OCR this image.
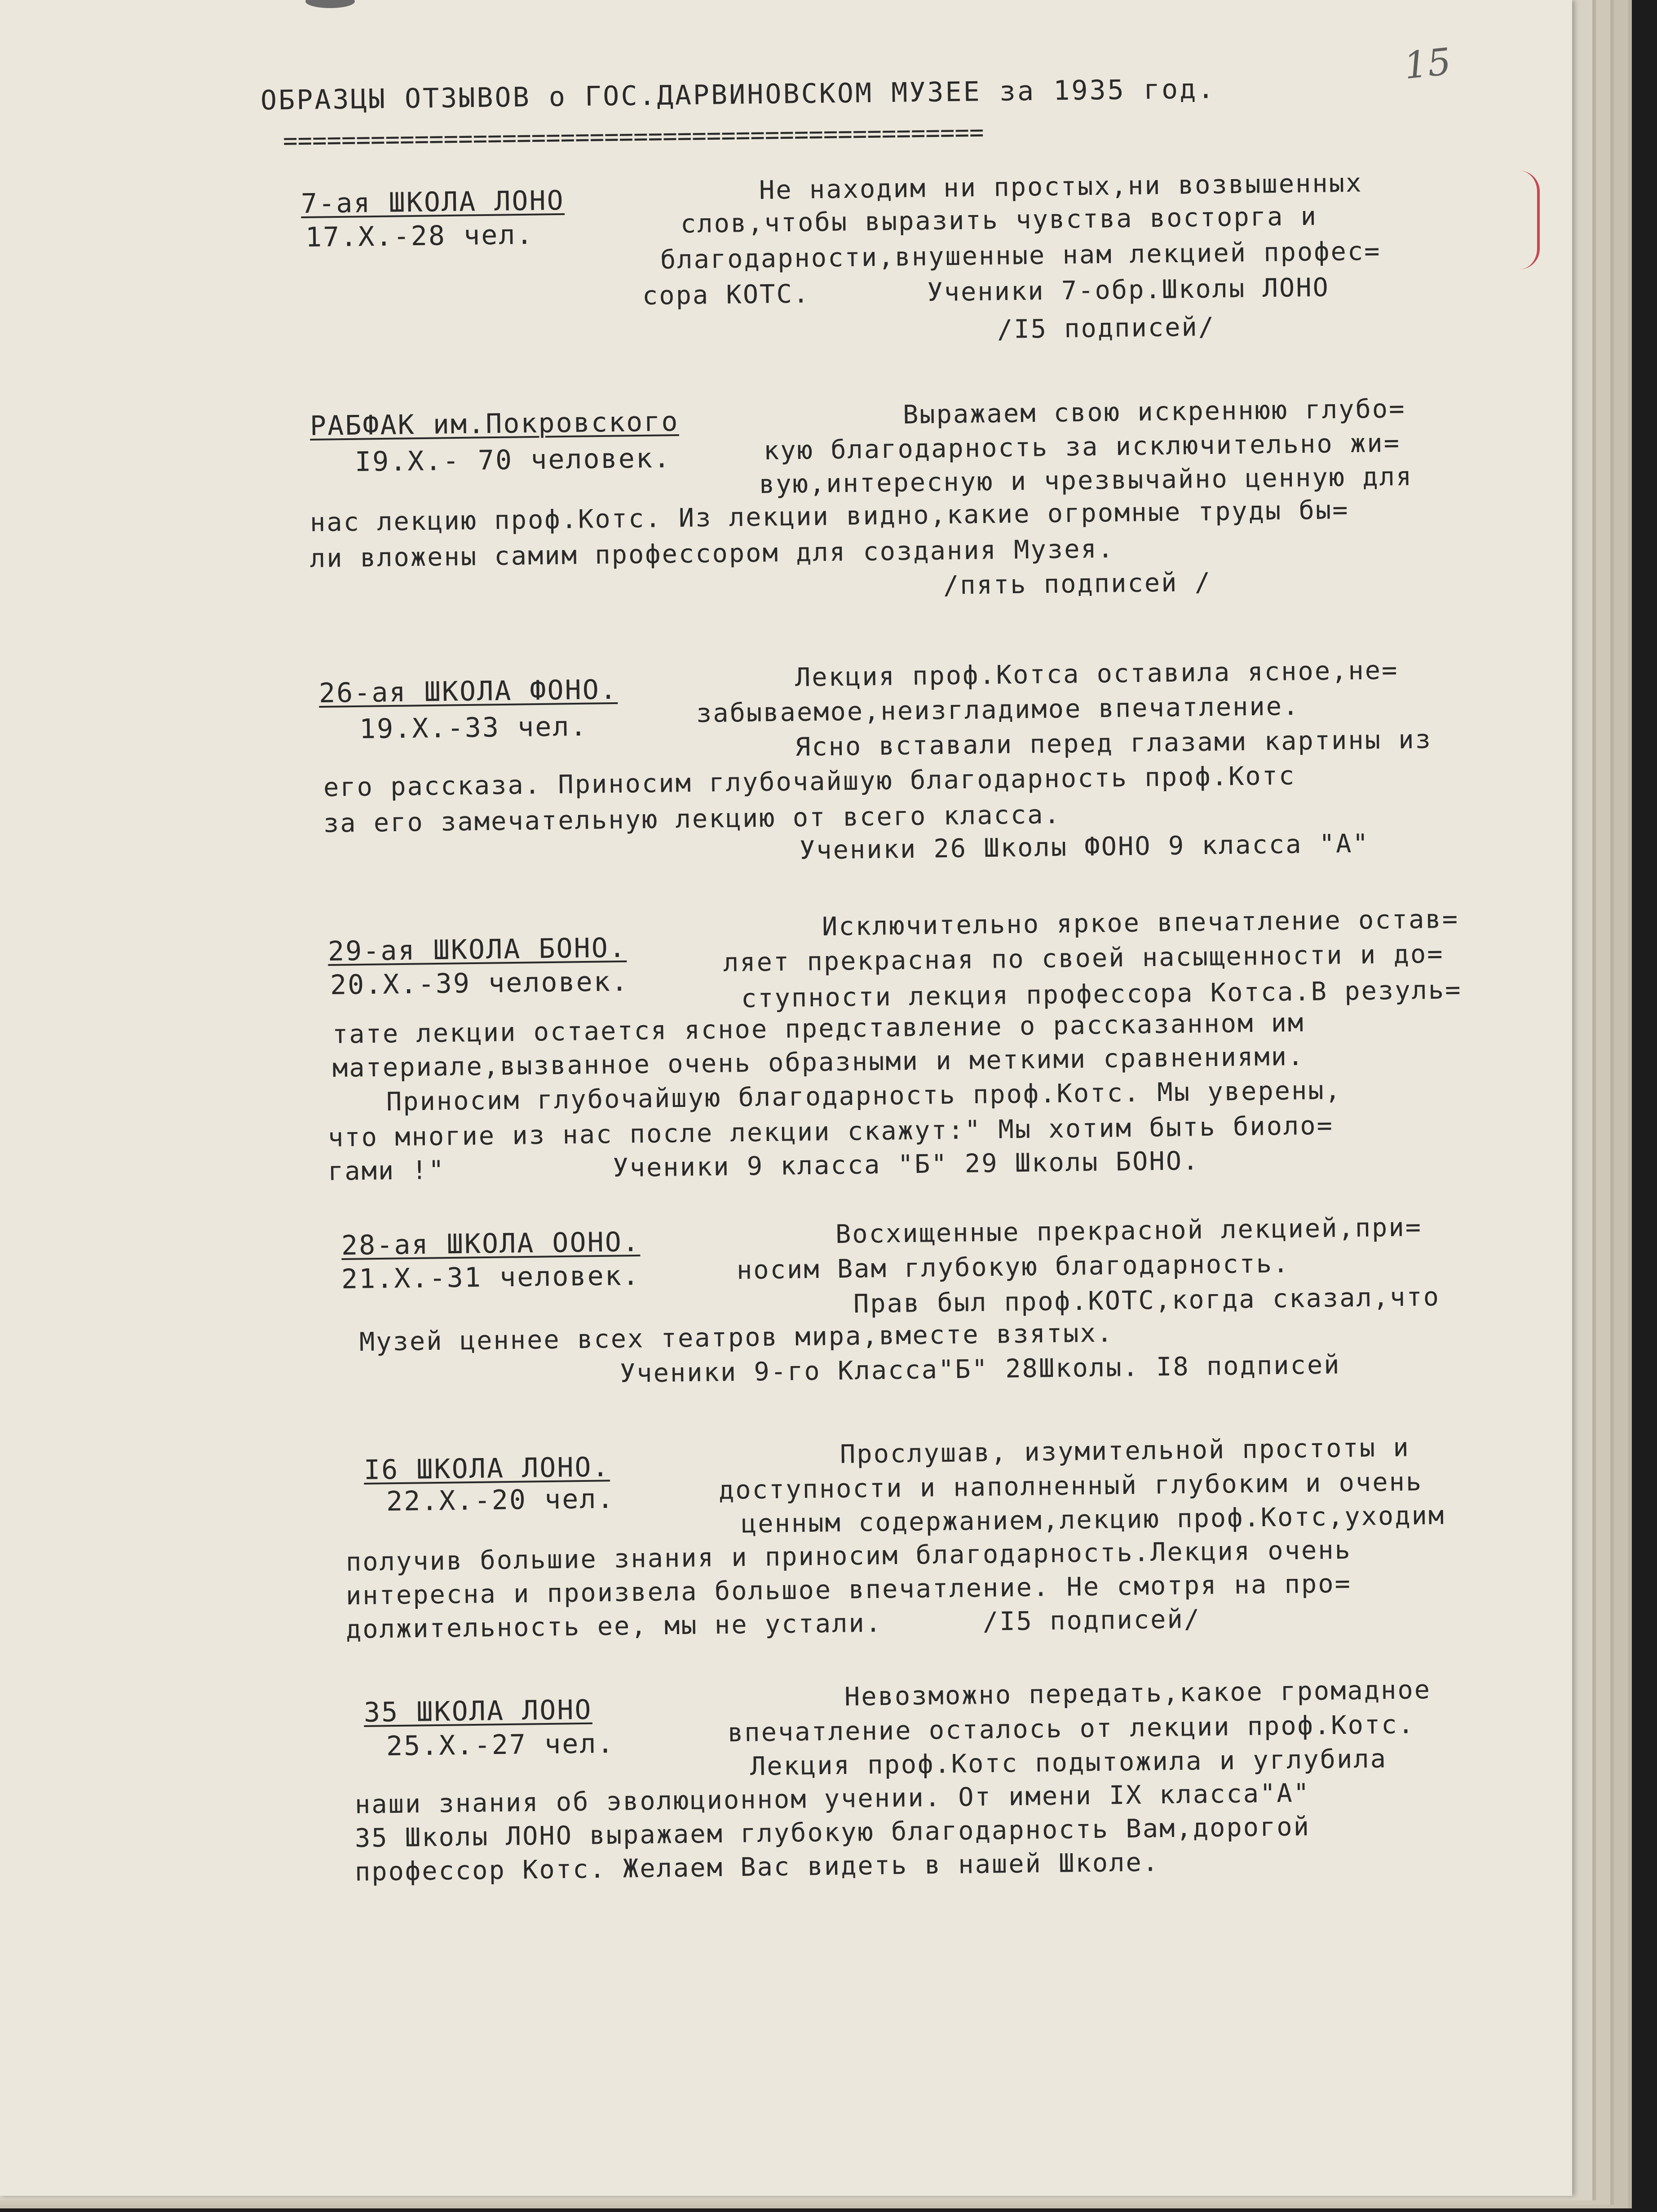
15
ОБРАЗЦЫ ОТЗЫВОВ о ГОС.ДАРВИНОВСКОМ МУЗЕЕ за 1935 год.
================================================
7-ая ШКОЛА ЛОНО
17.X.-28 чел.
Не находим ни простых,ни возвышенных
слов,чтобы выразить чувства восторга и
благодарности,внушенные нам лекцией профес=
сора КОТС.       Ученики 7-обр.Школы ЛОНО
/I5 подписей/
РАБФАК им.Покровского
I9.X.- 70 человек.
Выражаем свою искреннюю глубо=
кую благодарность за исключительно жи=
вую,интересную и чрезвычайно ценную для
нас лекцию проф.Котс. Из лекции видно,какие огромные труды бы=
ли вложены самим профессором для создания Музея.
/пять подписей /
26-ая ШКОЛА ФОНО.
19.X.-33 чел.
Лекция проф.Котса оставила ясное,не=
забываемое,неизгладимое впечатление.
Ясно вставали перед глазами картины из
его рассказа. Приносим глубочайшую благодарность проф.Котс
за его замечательную лекцию от всего класса.
Ученики 26 Школы ФОНО 9 класса "А"
29-ая ШКОЛА БОНО.
20.X.-39 человек.
Исключительно яркое впечатление остав=
ляет прекрасная по своей насыщенности и до=
ступности лекция профессора Котса.В резуль=
тате лекции остается ясное представление о рассказанном им
материале,вызванное очень образными и меткими сравнениями.
Приносим глубочайшую благодарность проф.Котс. Мы уверены,
что многие из нас после лекции скажут:" Мы хотим быть биоло=
гами !"          Ученики 9 класса "Б" 29 Школы БОНО.
28-ая ШКОЛА ООНО.
21.X.-31 человек.
Восхищенные прекрасной лекцией,при=
носим Вам глубокую благодарность.
Прав был проф.КОТС,когда сказал,что
Музей ценнее всех театров мира,вместе взятых.
Ученики 9-го Класса"Б" 28Школы. I8 подписей
I6 ШКОЛА ЛОНО.
22.X.-20 чел.
Прослушав, изумительной простоты и
доступности и наполненный глубоким и очень
ценным содержанием,лекцию проф.Котс,уходим
получив большие знания и приносим благодарность.Лекция очень
интересна и произвела большое впечатление. Не смотря на про=
должительность ее, мы не устали.      /I5 подписей/
35 ШКОЛА ЛОНО
25.X.-27 чел.
Невозможно передать,какое громадное
впечатление осталось от лекции проф.Котс.
Лекция проф.Котс подытожила и углубила
наши знания об эволюционном учении. От имени IX класса"А"
35 Школы ЛОНО выражаем глубокую благодарность Вам,дорогой
профессор Котс. Желаем Вас видеть в нашей Школе.
